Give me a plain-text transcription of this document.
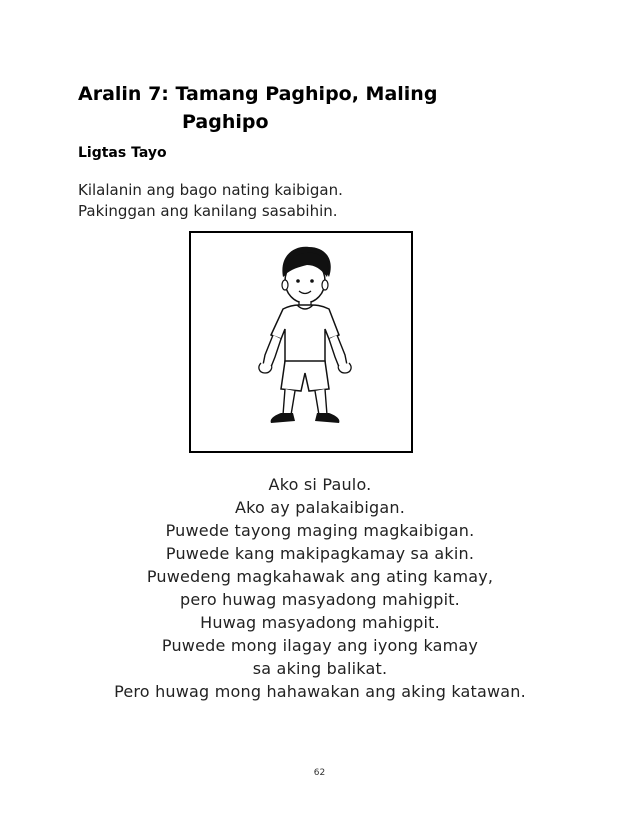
Aralin 7: Tamang Paghipo, Maling
Paghipo
Ligtas Tayo
Kilalanin ang bago nating kaibigan.
Pakinggan ang kanilang sasabihin.
Ako si Paulo.
Ako ay palakaibigan.
Puwede tayong maging magkaibigan.
Puwede kang makipagkamay sa akin.
Puwedeng magkahawak ang ating kamay,
pero huwag masyadong mahigpit.
Huwag masyadong mahigpit.
Puwede mong ilagay ang iyong kamay
sa aking balikat.
Pero huwag mong hahawakan ang aking katawan.
62
